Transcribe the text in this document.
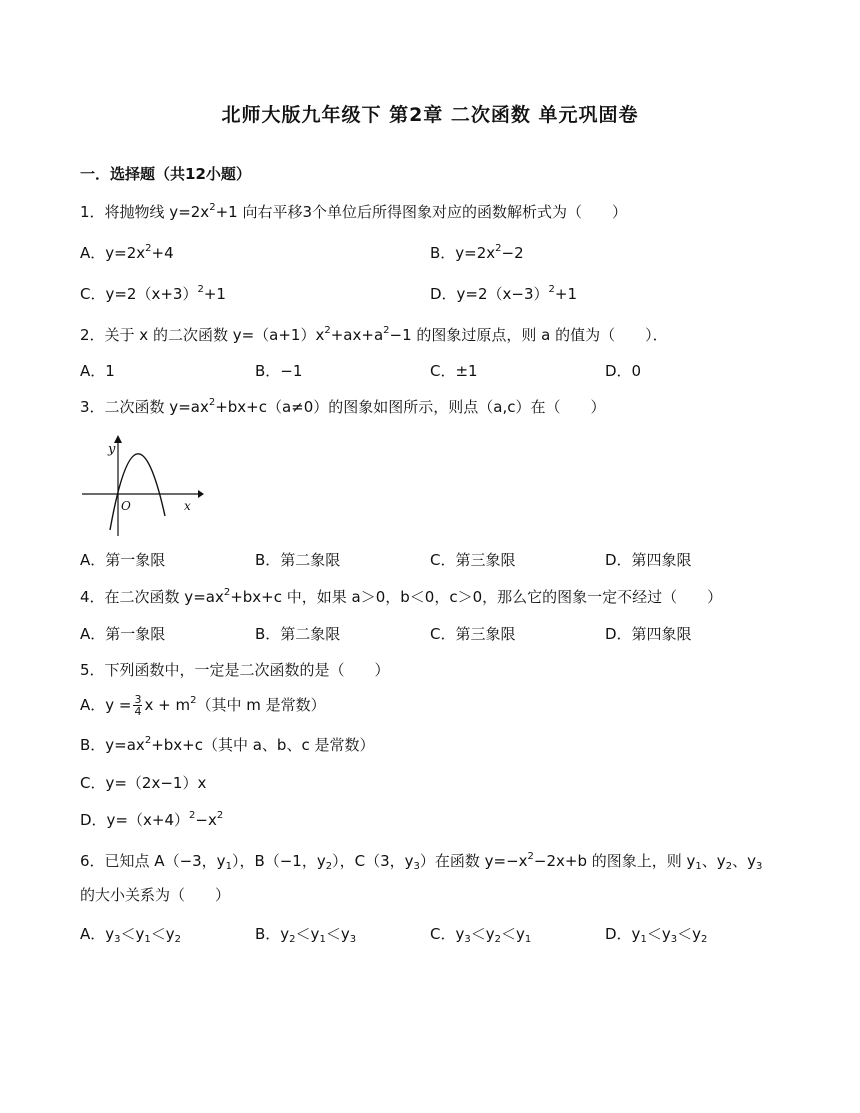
北师大版九年级下 第2章 二次函数 单元巩固卷
一．选择题（共12小题）
1．将抛物线 $y=2x^2+1$ 向右平移3个单位后所得图象对应的函数解析式为（　　）
A．$y=2x^2+4$	B．$y=2x^2-2$
C．$y=2(x+3)^2+1$	D．$y=2(x-3)^2+1$
2．关于 x 的二次函数 $y=(a+1)x^2+ax+a^2-1$ 的图象过原点，则 a 的值为（　　）．
A．1	B．−1	C．±1	D．0
3．二次函数 $y=ax^2+bx+c(a\ne 0)$的图象如图所示，则点（a,c）在（　　）
y
O	x
A．第一象限	B．第二象限	C．第三象限	D．第四象限
4．在二次函数 $y=ax^2+bx+c$ 中，如果 a＞0，b＜0，c＞0，那么它的图象一定不经过（　　）
A．第一象限	B．第二象限	C．第三象限	D．第四象限
5．下列函数中，一定是二次函数的是（　　）
A．$y = \frac{3}{4}$ $x + m^2$（其中 m 是常数）
B．$y=ax^2+bx+c$（其中 a、b、c 是常数）
C．y=（2x−1）x
D．$y=(x+4)^2-x^2$
6．已知点 A（−3，$y_1$），B（−1，$y_2$），C（3，$y_3$）在函数 $y=-x^2-2x+b$ 的图象上，则 $y_1$、$y_2$、$y_3$
的大小关系为（　　）
A．$y_3<y_1<y_2$	B．$y_2<y_1<y_3$	C．$y_3<y_2<y_1$	D．$y_1<y_3<y_2$
